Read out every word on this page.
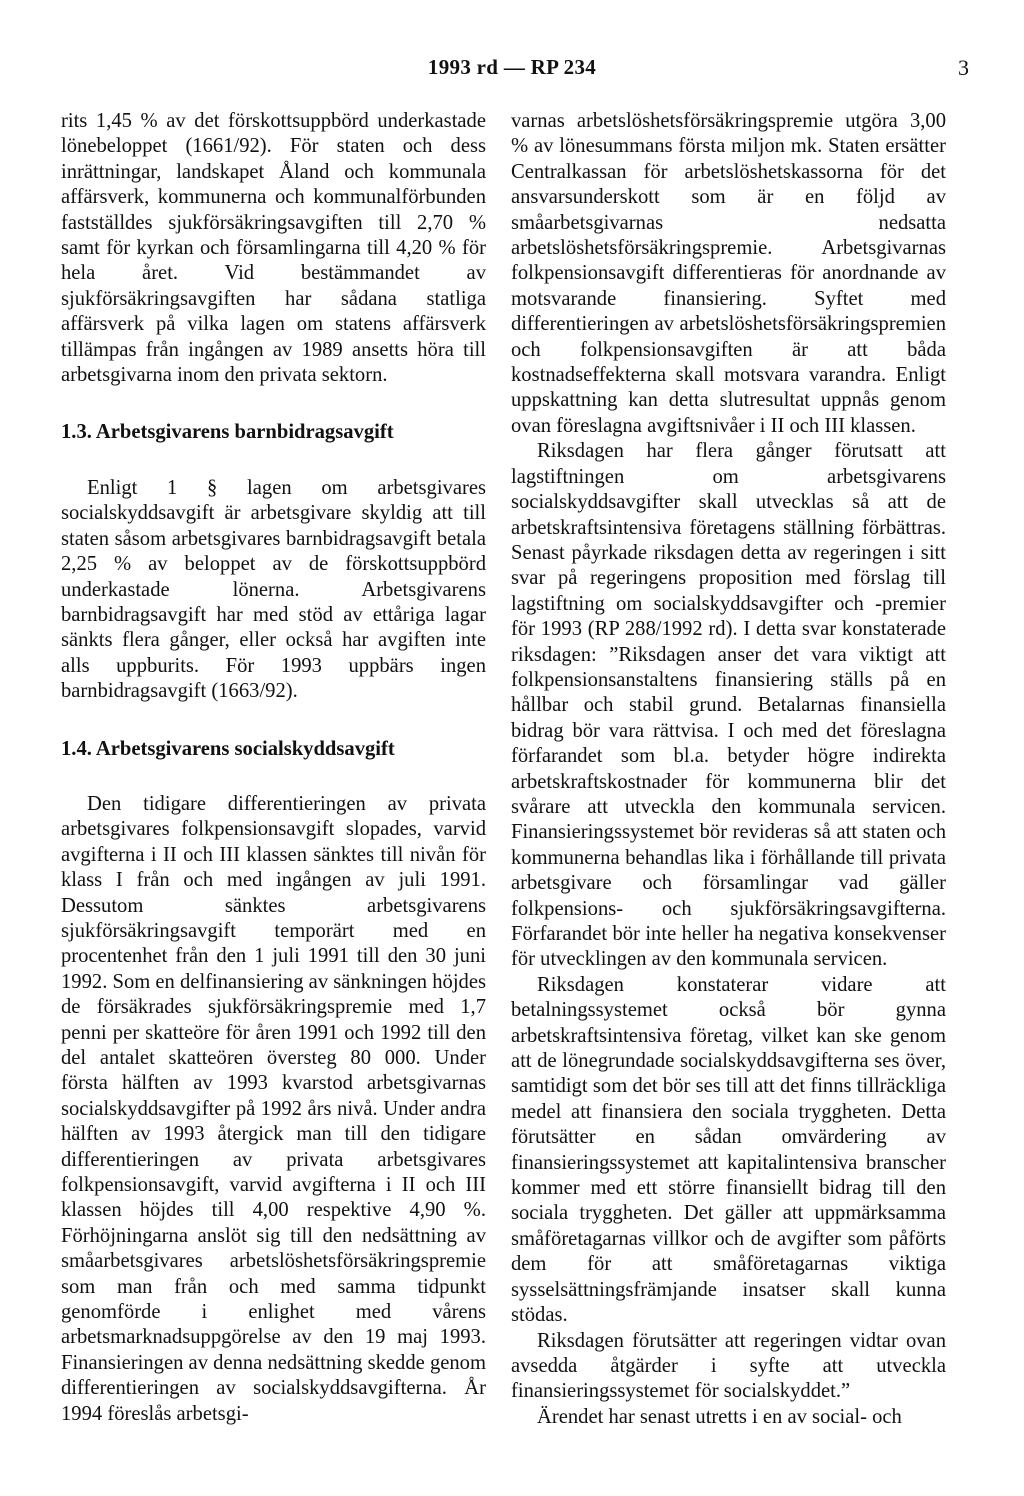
1993 rd — RP 234	3

rits 1,45 % av det förskottsuppbörd underkastade lönebeloppet (1661/92). För staten och dess inrättningar, landskapet Åland och kommunala affärsverk, kommunerna och kommunalförbunden fastställdes sjukförsäkringsavgiften till 2,70 % samt för kyrkan och församlingarna till 4,20 % för hela året. Vid bestämmandet av sjukförsäkringsavgiften har sådana statliga affärsverk på vilka lagen om statens affärsverk tillämpas från ingången av 1989 ansetts höra till arbetsgivarna inom den privata sektorn.

1.3. Arbetsgivarens barnbidragsavgift

Enligt 1 § lagen om arbetsgivares socialskyddsavgift är arbetsgivare skyldig att till staten såsom arbetsgivares barnbidragsavgift betala 2,25 % av beloppet av de förskottsuppbörd underkastade lönerna. Arbetsgivarens barnbidragsavgift har med stöd av ettåriga lagar sänkts flera gånger, eller också har avgiften inte alls uppburits. För 1993 uppbärs ingen barnbidragsavgift (1663/92).

1.4. Arbetsgivarens socialskyddsavgift

Den tidigare differentieringen av privata arbetsgivares folkpensionsavgift slopades, varvid avgifterna i II och III klassen sänktes till nivån för klass I från och med ingången av juli 1991. Dessutom sänktes arbetsgivarens sjukförsäkringsavgift temporärt med en procentenhet från den 1 juli 1991 till den 30 juni 1992. Som en delfinansiering av sänkningen höjdes de försäkrades sjukförsäkringspremie med 1,7 penni per skatteöre för åren 1991 och 1992 till den del antalet skatteören översteg 80 000. Under första hälften av 1993 kvarstod arbetsgivarnas socialskyddsavgifter på 1992 års nivå. Under andra hälften av 1993 återgick man till den tidigare differentieringen av privata arbetsgivares folkpensionsavgift, varvid avgifterna i II och III klassen höjdes till 4,00 respektive 4,90 %. Förhöjningarna anslöt sig till den nedsättning av småarbetsgivares arbetslöshetsförsäkringspremie som man från och med samma tidpunkt genomförde i enlighet med vårens arbetsmarknadsuppgörelse av den 19 maj 1993. Finansieringen av denna nedsättning skedde genom differentieringen av socialskyddsavgifterna. År 1994 föreslås arbetsgi-

varnas arbetslöshetsförsäkringspremie utgöra 3,00 % av lönesummans första miljon mk. Staten ersätter Centralkassan för arbetslöshetskassorna för det ansvarsunderskott som är en följd av småarbetsgivarnas nedsatta arbetslöshetsförsäkringspremie. Arbetsgivarnas folkpensionsavgift differentieras för anordnande av motsvarande finansiering. Syftet med differentieringen av arbetslöshetsförsäkringspremien och folkpensionsavgiften är att båda kostnadseffekterna skall motsvara varandra. Enligt uppskattning kan detta slutresultat uppnås genom ovan föreslagna avgiftsnivåer i II och III klassen.

Riksdagen har flera gånger förutsatt att lagstiftningen om arbetsgivarens socialskyddsavgifter skall utvecklas så att de arbetskraftsintensiva företagens ställning förbättras. Senast påyrkade riksdagen detta av regeringen i sitt svar på regeringens proposition med förslag till lagstiftning om socialskyddsavgifter och -premier för 1993 (RP 288/1992 rd). I detta svar konstaterade riksdagen: ”Riksdagen anser det vara viktigt att folkpensionsanstaltens finansiering ställs på en hållbar och stabil grund. Betalarnas finansiella bidrag bör vara rättvisa. I och med det föreslagna förfarandet som bl.a. betyder högre indirekta arbetskraftskostnader för kommunerna blir det svårare att utveckla den kommunala servicen. Finansieringssystemet bör revideras så att staten och kommunerna behandlas lika i förhållande till privata arbetsgivare och församlingar vad gäller folkpensions- och sjukförsäkringsavgifterna. Förfarandet bör inte heller ha negativa konsekvenser för utvecklingen av den kommunala servicen.

Riksdagen konstaterar vidare att betalningssystemet också bör gynna arbetskraftsintensiva företag, vilket kan ske genom att de lönegrundade socialskyddsavgifterna ses över, samtidigt som det bör ses till att det finns tillräckliga medel att finansiera den sociala tryggheten. Detta förutsätter en sådan omvärdering av finansieringssystemet att kapitalintensiva branscher kommer med ett större finansiellt bidrag till den sociala tryggheten. Det gäller att uppmärksamma småföretagarnas villkor och de avgifter som påförts dem för att småföretagarnas viktiga sysselsättningsfrämjande insatser skall kunna stödas.

Riksdagen förutsätter att regeringen vidtar ovan avsedda åtgärder i syfte att utveckla finansieringssystemet för socialskyddet.”

Ärendet har senast utretts i en av social- och
